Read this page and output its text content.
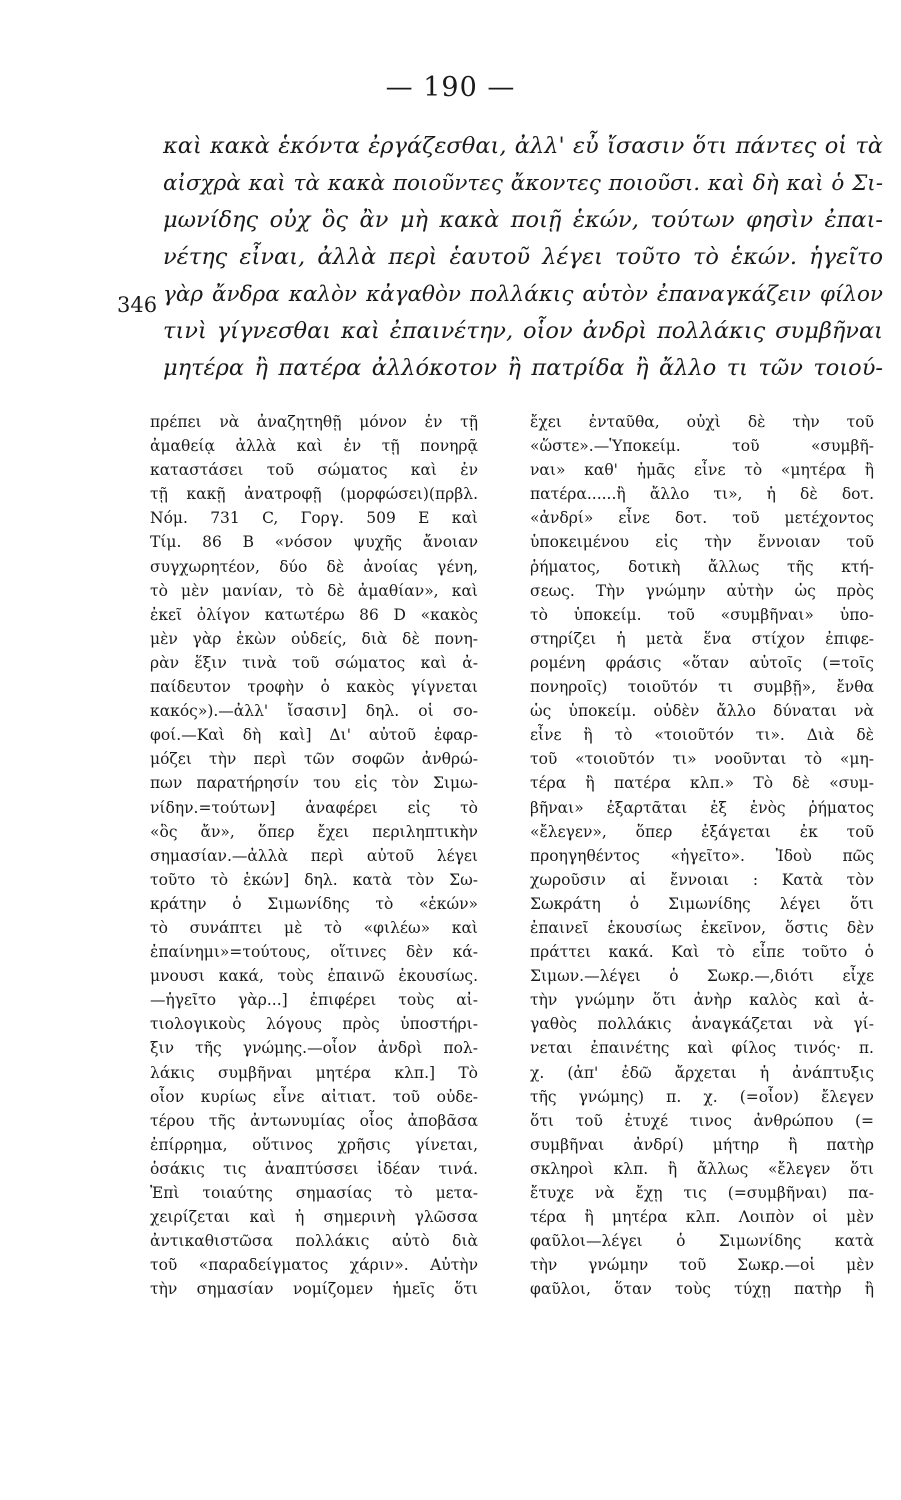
— 190 —
καὶ κακὰ ἑκόντα ἐργάζεσθαι, ἀλλ' εὖ ἴσασιν ὅτι πάντες οἱ τὰ
αἰσχρὰ καὶ τὰ κακὰ ποιοῦντες ἄκοντες ποιοῦσι. καὶ δὴ καὶ ὁ Σι-
μωνίδης οὐχ ὃς ἂν μὴ κακὰ ποιῇ ἑκών, τούτων φησὶν ἐπαι-
νέτης εἶναι, ἀλλὰ περὶ ἑαυτοῦ λέγει τοῦτο τὸ ἑκών. ἡγεῖτο
γὰρ ἄνδρα καλὸν κἀγαθὸν πολλάκις αὑτὸν ἐπαναγκάζειν φίλον
τινὶ γίγνεσθαι καὶ ἐπαινέτην, οἷον ἀνδρὶ πολλάκις συμβῆναι
μητέρα ἢ πατέρα ἀλλόκοτον ἢ πατρίδα ἢ ἄλλο τι τῶν τοιού-
346
πρέπει νὰ ἀναζητηθῇ μόνον ἐν τῇ
ἀμαθείᾳ ἀλλὰ καὶ ἐν τῇ πονηρᾷ
καταστάσει τοῦ σώματος καὶ ἐν
τῇ κακῇ ἀνατροφῇ (μορφώσει)(πρβλ.
Νόμ. 731 C, Γοργ. 509 E καὶ
Τίμ. 86 B «νόσον ψυχῆς ἄνοιαν
συγχωρητέον, δύο δὲ ἀνοίας γένη,
τὸ μὲν μανίαν, τὸ δὲ ἀμαθίαν», καὶ
ἐκεῖ ὀλίγον κατωτέρω 86 D «κακὸς
μὲν γὰρ ἑκὼν οὐδείς, διὰ δὲ πονη-
ρὰν ἕξιν τινὰ τοῦ σώματος καὶ ἀ-
παίδευτον τροφὴν ὁ κακὸς γίγνεται
κακός»).—ἀλλ' ἴσασιν] δηλ. οἱ σο-
φοί.—Καὶ δὴ καὶ] Δι' αὐτοῦ ἐφαρ-
μόζει τὴν περὶ τῶν σοφῶν ἀνθρώ-
πων παρατήρησίν του εἰς τὸν Σιμω-
νίδην.=τούτων] ἀναφέρει εἰς τὸ
«ὃς ἄν», ὅπερ ἔχει περιληπτικὴν
σημασίαν.—ἀλλὰ περὶ αὐτοῦ λέγει
τοῦτο τὸ ἑκών] δηλ. κατὰ τὸν Σω-
κράτην ὁ Σιμωνίδης τὸ «ἑκών»
τὸ συνάπτει μὲ τὸ «φιλέω» καὶ
ἐπαίνημι»=τούτους, οἵτινες δὲν κά-
μνουσι κακά, τοὺς ἐπαινῶ ἑκουσίως.
—ἡγεῖτο γὰρ...] ἐπιφέρει τοὺς αἰ-
τιολογικοὺς λόγους πρὸς ὑποστήρι-
ξιν τῆς γνώμης.—οἷον ἀνδρὶ πολ-
λάκις συμβῆναι μητέρα κλπ.] Τὸ
οἷον κυρίως εἶνε αἰτιατ. τοῦ οὐδε-
τέρου τῆς ἀντωνυμίας οἷος ἀποβᾶσα
ἐπίρρημα, οὕτινος χρῆσις γίνεται,
ὁσάκις τις ἀναπτύσσει ἰδέαν τινά.
Ἐπὶ τοιαύτης σημασίας τὸ μετα-
χειρίζεται καὶ ἡ σημερινὴ γλῶσσα
ἀντικαθιστῶσα πολλάκις αὐτὸ διὰ
τοῦ «παραδείγματος χάριν». Αὐτὴν
τὴν σημασίαν νομίζομεν ἡμεῖς ὅτι
ἔχει ἐνταῦθα, οὐχὶ δὲ τὴν τοῦ
«ὥστε».—Ὑποκείμ. τοῦ «συμβῆ-
ναι» καθ' ἡμᾶς εἶνε τὸ «μητέρα ἢ
πατέρα......ἢ ἄλλο τι», ἡ δὲ δοτ.
«ἀνδρί» εἶνε δοτ. τοῦ μετέχοντος
ὑποκειμένου εἰς τὴν ἔννοιαν τοῦ
ῥήματος, δοτικὴ ἄλλως τῆς κτή-
σεως. Τὴν γνώμην αὐτὴν ὡς πρὸς
τὸ ὑποκείμ. τοῦ «συμβῆναι» ὑπο-
στηρίζει ἡ μετὰ ἕνα στίχον ἐπιφε-
ρομένη φράσις «ὅταν αὐτοῖς (=τοῖς
πονηροῖς) τοιοῦτόν τι συμβῇ», ἔνθα
ὡς ὑποκείμ. οὐδὲν ἄλλο δύναται νὰ
εἶνε ἢ τὸ «τοιοῦτόν τι». Διὰ δὲ
τοῦ «τοιοῦτόν τι» νοοῦνται τὸ «μη-
τέρα ἢ πατέρα κλπ.» Τὸ δὲ «συμ-
βῆναι» ἐξαρτᾶται ἐξ ἑνὸς ῥήματος
«ἔλεγεν», ὅπερ ἐξάγεται ἐκ τοῦ
προηγηθέντος «ἡγεῖτο». Ἰδοὺ πῶς
χωροῦσιν αἱ ἔννοιαι : Κατὰ τὸν
Σωκράτη ὁ Σιμωνίδης λέγει ὅτι
ἐπαινεῖ ἑκουσίως ἐκεῖνον, ὅστις δὲν
πράττει κακά. Καὶ τὸ εἶπε τοῦτο ὁ
Σιμων.—λέγει ὁ Σωκρ.—,διότι εἶχε
τὴν γνώμην ὅτι ἀνὴρ καλὸς καὶ ἀ-
γαθὸς πολλάκις ἀναγκάζεται νὰ γί-
νεται ἐπαινέτης καὶ φίλος τινός· π.
χ. (ἀπ' ἐδῶ ἄρχεται ἡ ἀνάπτυξις
τῆς γνώμης) π. χ. (=οἷον) ἔλεγεν
ὅτι τοῦ ἐτυχέ τινος ἀνθρώπου (=
συμβῆναι ἀνδρί) μήτηρ ἢ πατὴρ
σκληροὶ κλπ. ἢ ἄλλως «ἔλεγεν ὅτι
ἔτυχε νὰ ἔχῃ τις (=συμβῆναι) πα-
τέρα ἢ μητέρα κλπ. Λοιπὸν οἱ μὲν
φαῦλοι—λέγει ὁ Σιμωνίδης κατὰ
τὴν γνώμην τοῦ Σωκρ.—οἱ μὲν
φαῦλοι, ὅταν τοὺς τύχῃ πατὴρ ἢ
